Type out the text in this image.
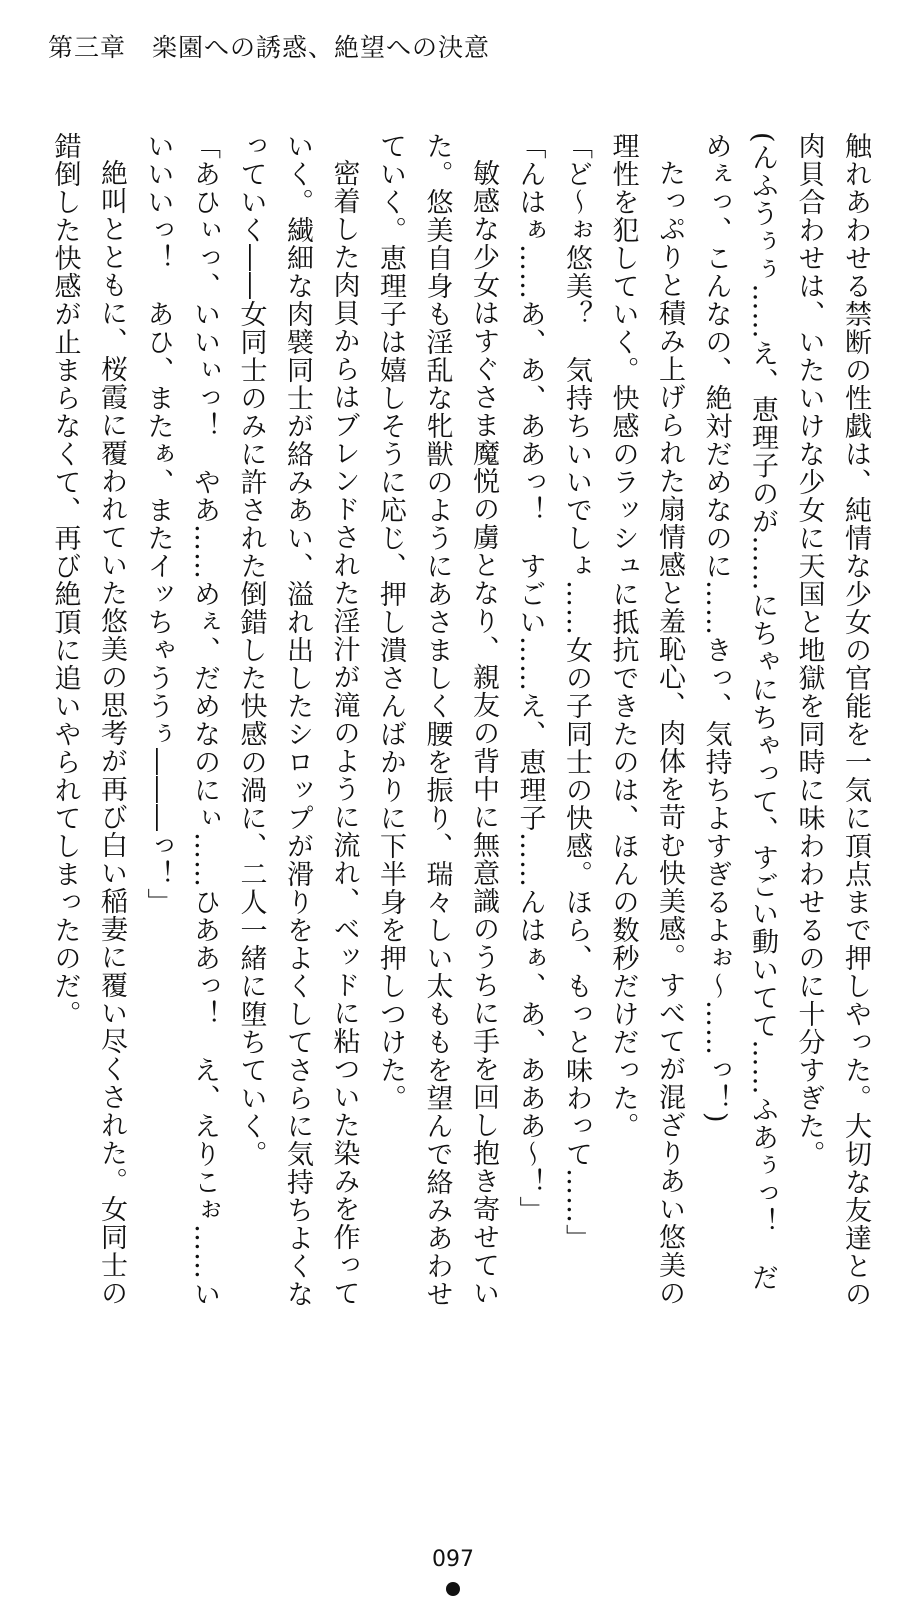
第三章　楽園への誘惑、絶望への決意
触れあわせる禁断の性戯は、純情な少女の官能を一気に頂点まで押しやった。大切な友達との肉貝合わせは、いたいけな少女に天国と地獄を同時に味わわせるのに十分すぎた。
(んふうぅぅ……え、恵理子のが……にちゃにちゃって、すごい動いてて……ふあぅっ！　だめぇっ、こんなの、絶対だめなのに……きっ、気持ちよすぎるよぉ～……っ！)
たっぷりと積み上げられた扇情感と羞恥心、肉体を苛む快美感。すべてが混ざりあい悠美の理性を犯していく。快感のラッシュに抵抗できたのは、ほんの数秒だけだった。
「ど～ぉ悠美？　気持ちいいでしょ……女の子同士の快感。ほら、もっと味わって……」
「んはぁ……あ、あ、ああっ！　すごい……え、恵理子……んはぁ、あ、あああ～！」
敏感な少女はすぐさま魔悦の虜となり、親友の背中に無意識のうちに手を回し抱き寄せていた。悠美自身も淫乱な牝獣のようにあさましく腰を振り、瑞々しい太ももを望んで絡みあわせていく。恵理子は嬉しそうに応じ、押し潰さんばかりに下半身を押しつけた。
密着した肉貝からはブレンドされた淫汁が滝のように流れ、ベッドに粘ついた染みを作っていく。繊細な肉襞同士が絡みあい、溢れ出したシロップが滑りをよくしてさらに気持ちよくなっていく――女同士のみに許された倒錯した快感の渦に、二人一緒に堕ちていく。
「あひぃっ、いいぃっ！　やあ……めぇ、だめなのにぃ……ひああっ！　え、えりこぉ……いいいいっ！　あひ、またぁ、またイッちゃううぅ―――っ！」
絶叫とともに、桜霞に覆われていた悠美の思考が再び白い稲妻に覆い尽くされた。女同士の錯倒した快感が止まらなくて、再び絶頂に追いやられてしまったのだ。
097
